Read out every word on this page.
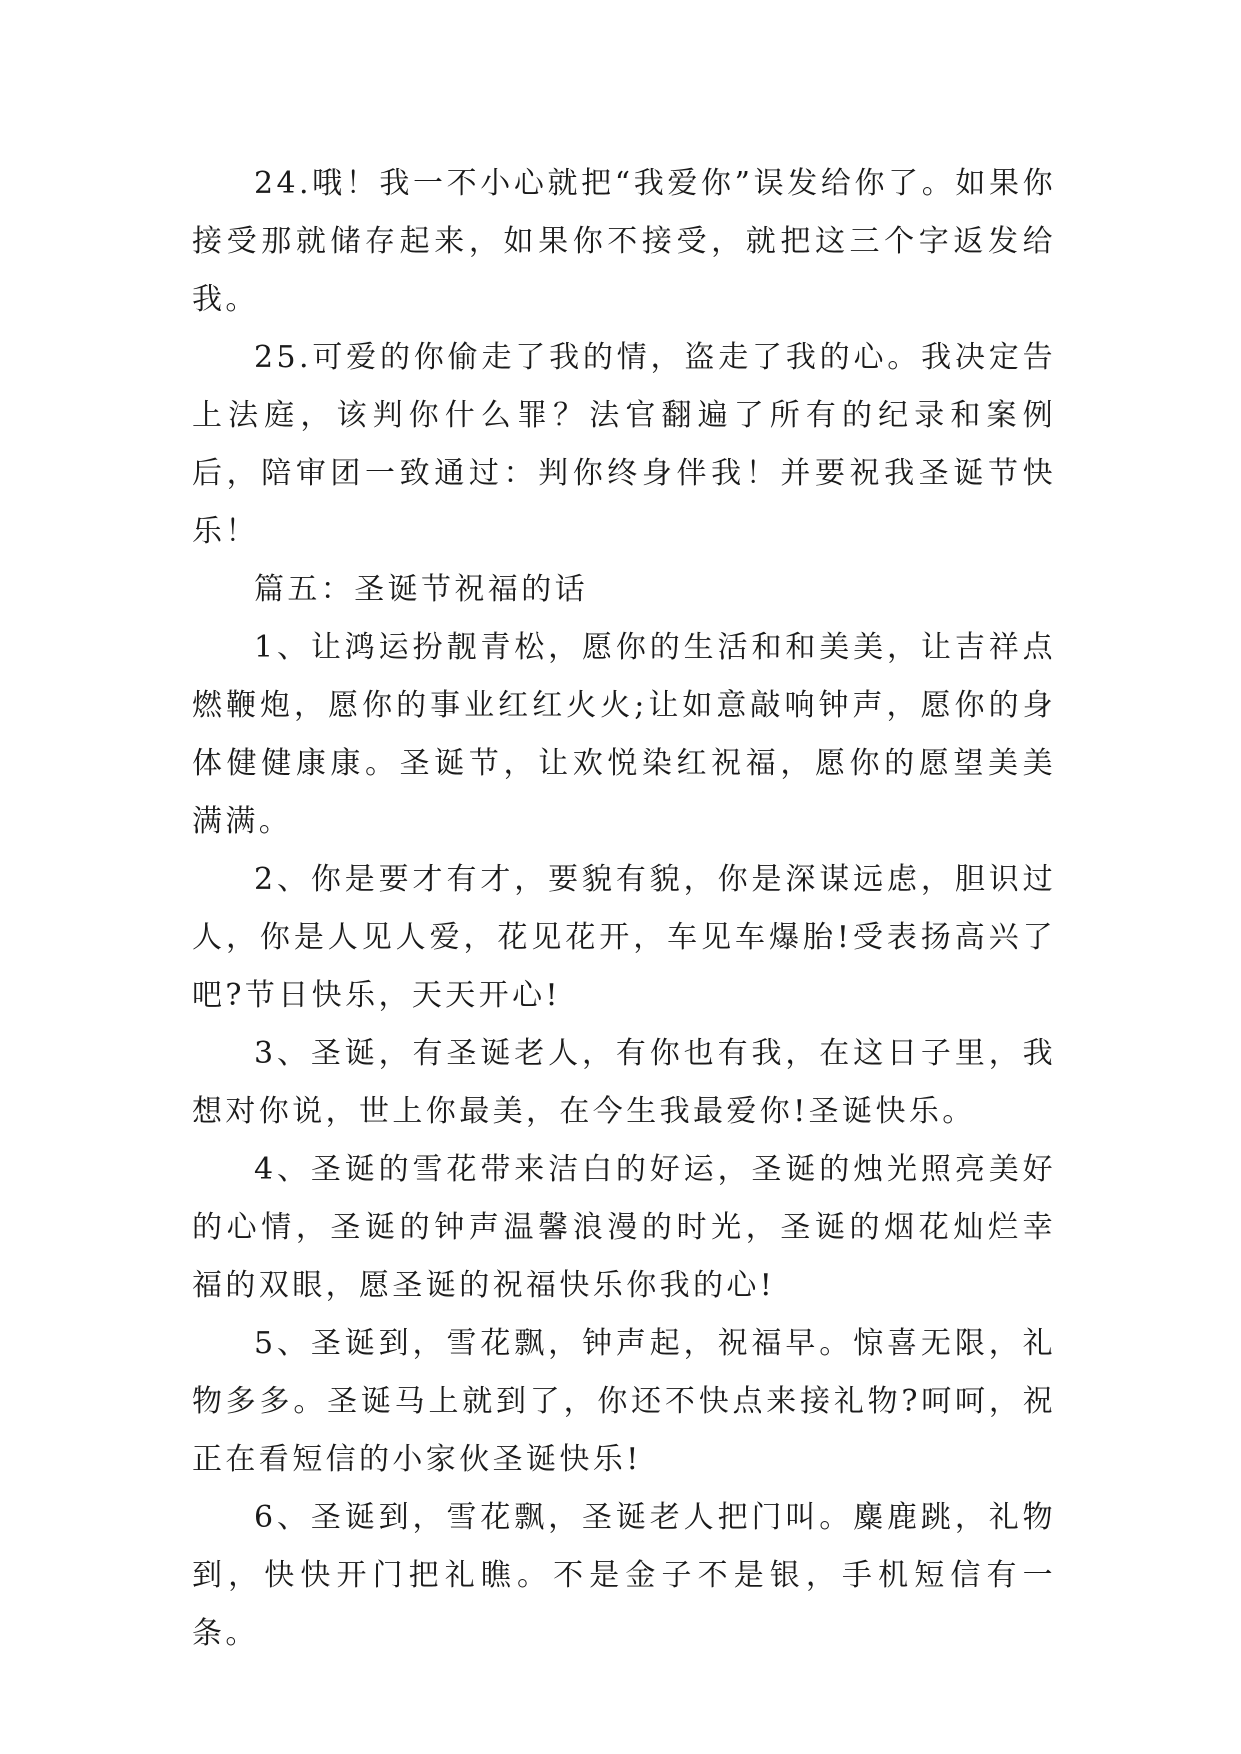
24.哦！我一不小心就把“我爱你”误发给你了。如果你接受那就储存起来，如果你不接受，就把这三个字返发给我。

25.可爱的你偷走了我的情，盗走了我的心。我决定告上法庭，该判你什么罪？法官翻遍了所有的纪录和案例后，陪审团一致通过：判你终身伴我！并要祝我圣诞节快乐！

篇五：圣诞节祝福的话

1、让鸿运扮靓青松，愿你的生活和和美美，让吉祥点燃鞭炮，愿你的事业红红火火;让如意敲响钟声，愿你的身体健健康康。圣诞节，让欢悦染红祝福，愿你的愿望美美满满。

2、你是要才有才，要貌有貌，你是深谋远虑，胆识过人，你是人见人爱，花见花开，车见车爆胎!受表扬高兴了吧?节日快乐，天天开心!

3、圣诞，有圣诞老人，有你也有我，在这日子里，我想对你说，世上你最美，在今生我最爱你!圣诞快乐。

4、圣诞的雪花带来洁白的好运，圣诞的烛光照亮美好的心情，圣诞的钟声温馨浪漫的时光，圣诞的烟花灿烂幸福的双眼，愿圣诞的祝福快乐你我的心!

5、圣诞到，雪花飘，钟声起，祝福早。惊喜无限，礼物多多。圣诞马上就到了，你还不快点来接礼物?呵呵，祝正在看短信的小家伙圣诞快乐!

6、圣诞到，雪花飘，圣诞老人把门叫。麋鹿跳，礼物到，快快开门把礼瞧。不是金子不是银，手机短信有一条。
